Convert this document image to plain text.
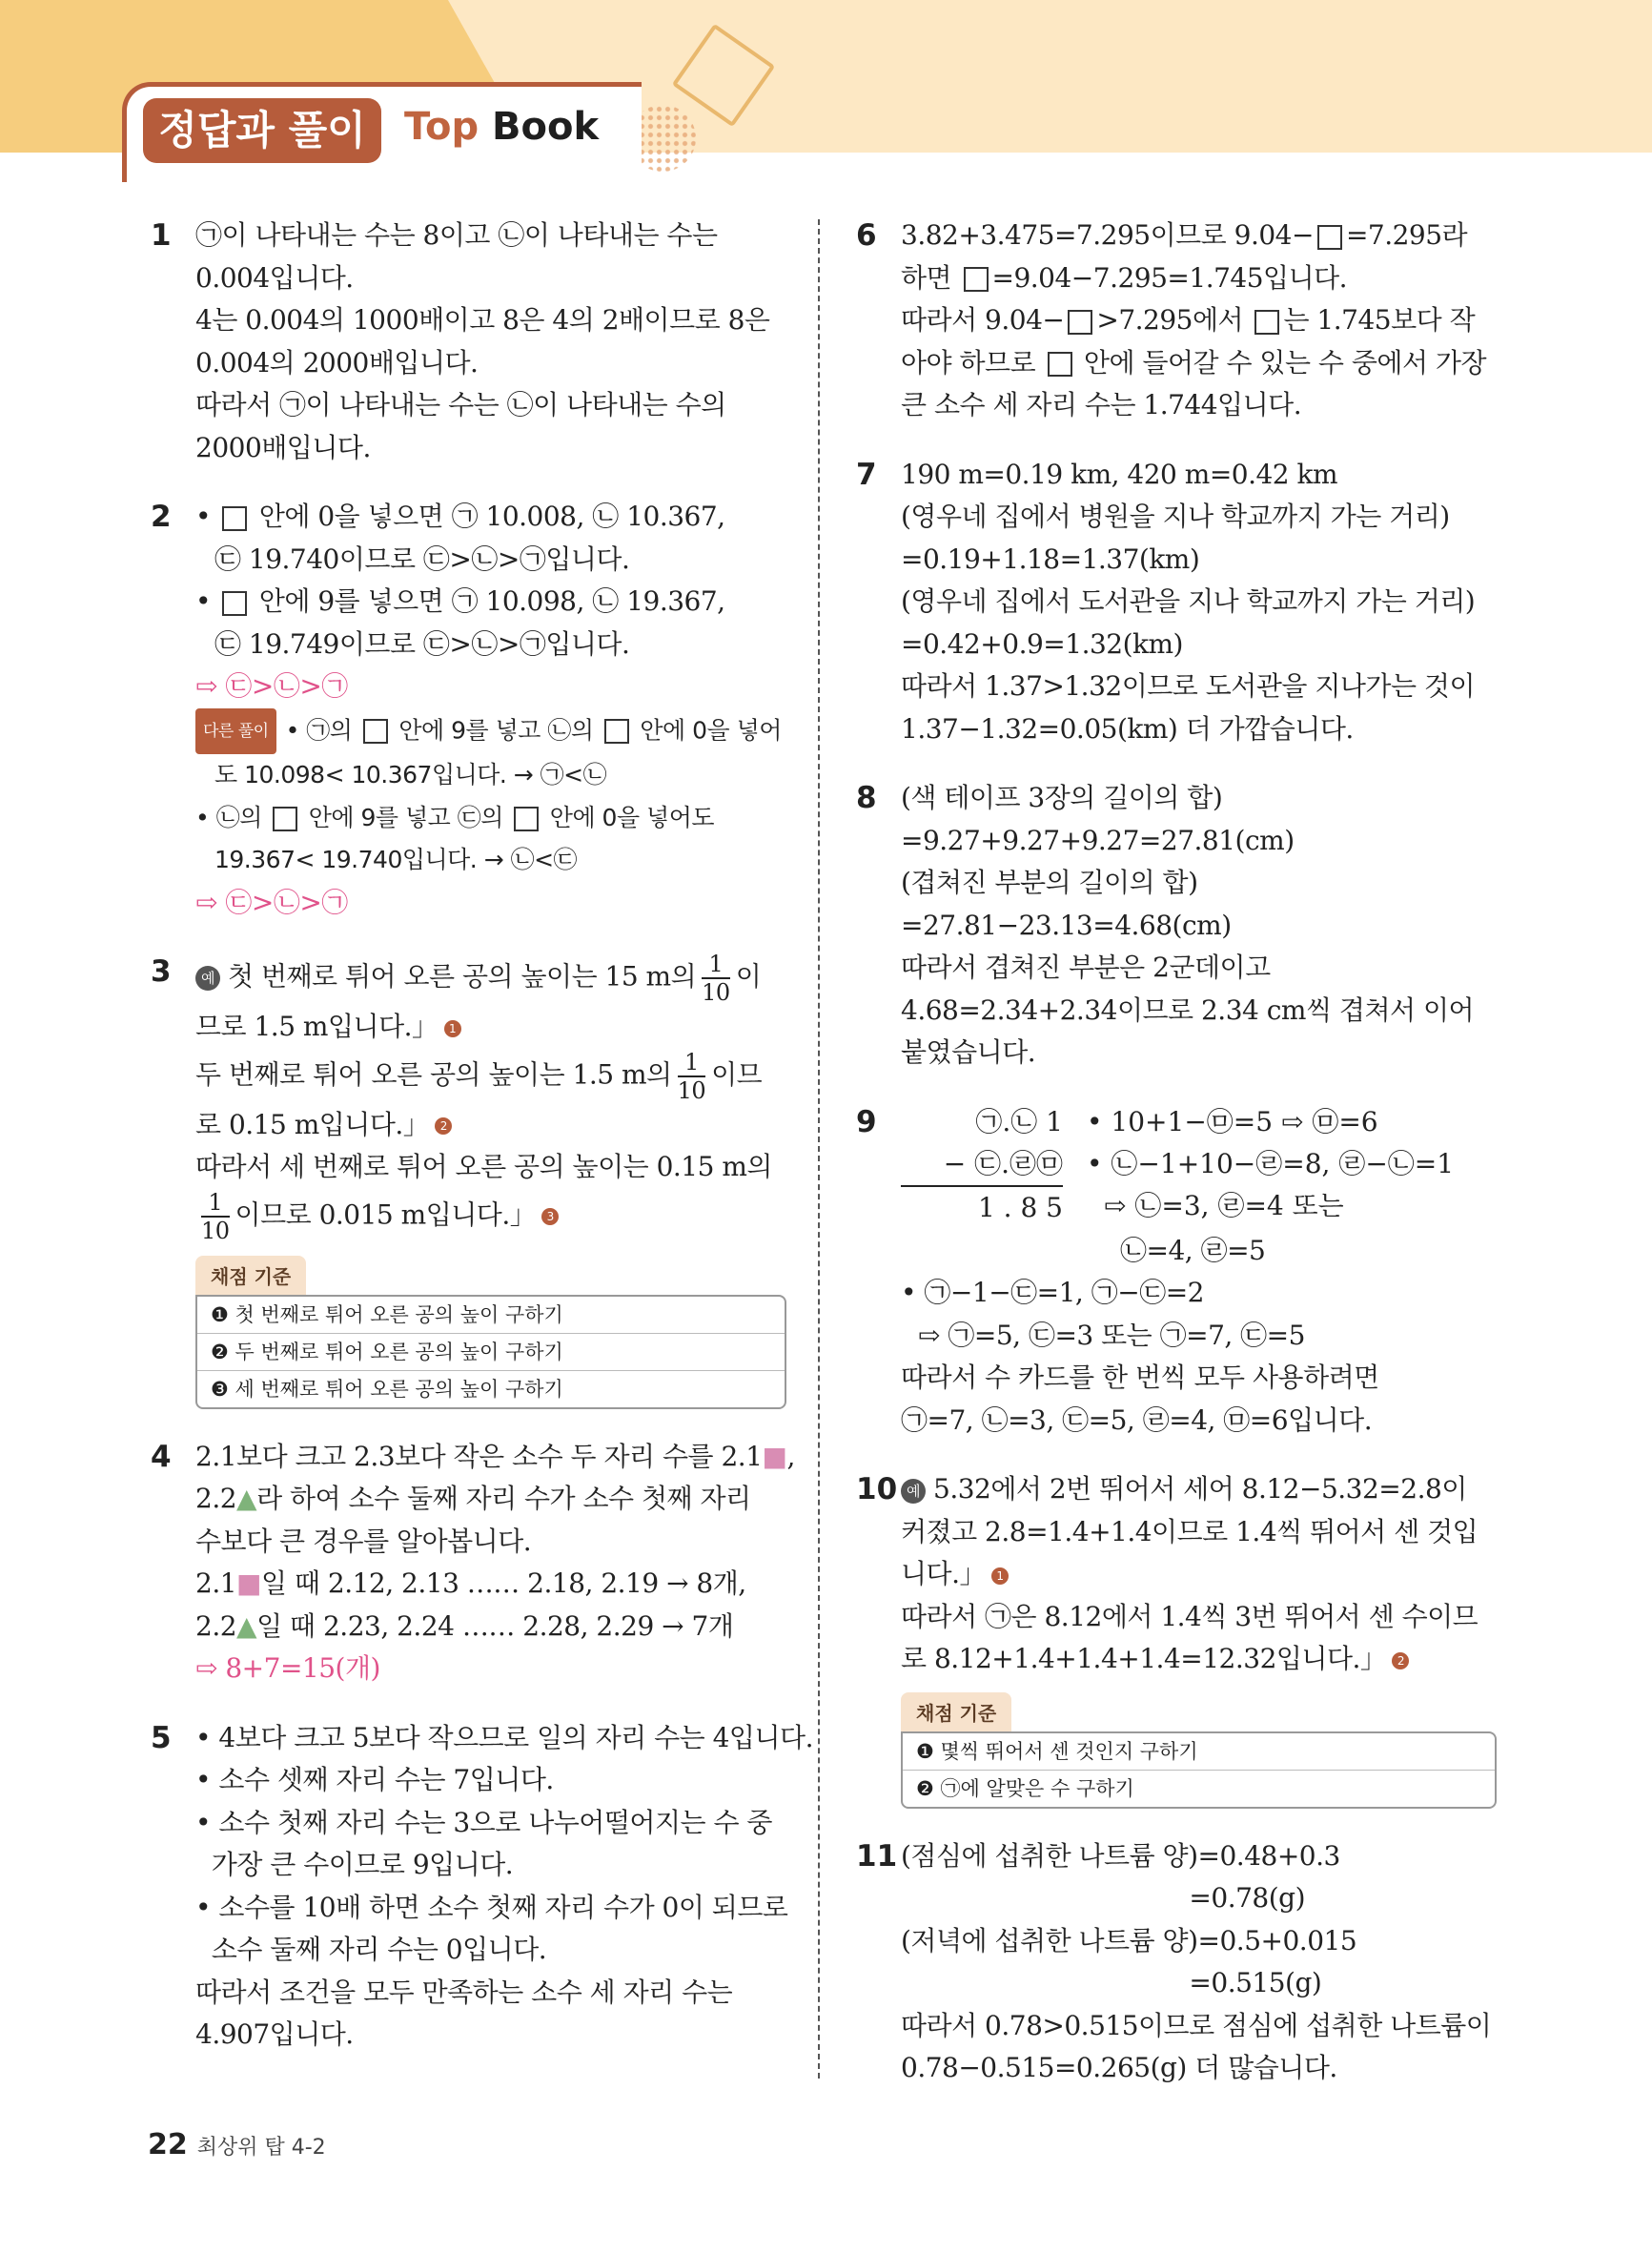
정답과 풀이	Top Book
1 ㉠이 나타내는 수는 8이고 ㉡이 나타내는 수는
0.004입니다.
4는 0.004의 1000배이고 8은 4의 2배이므로 8은
0.004의 2000배입니다.
따라서 ㉠이 나타내는 수는 ㉡이 나타내는 수의
2000배입니다.
2 •  안에 0을 넣으면 ㉠ 10.008, ㉡ 10.367,
㉢ 19.740이므로 ㉢>㉡>㉠입니다.
•  안에 9를 넣으면 ㉠ 10.098, ㉡ 19.367,
㉢ 19.749이므로 ㉢>㉡>㉠입니다.
⇨ ㉢>㉡>㉠
다른 풀이 • ㉠의  안에 9를 넣고 ㉡의  안에 0을 넣어
도 10.098< 10.367입니다. → ㉠<㉡
• ㉡의  안에 9를 넣고 ㉢의  안에 0을 넣어도
19.367< 19.740입니다. → ㉡<㉢
⇨ ㉢>㉡>㉠
3	예 첫 번째로 튀어 오른 공의 높이는 15 m의 $\frac{1}{10}$ 이
므로 1.5 m입니다.」 1
두 번째로 튀어 오른 공의 높이는 1.5 m의 $\frac{1}{10}$ 이므
로 0.15 m입니다.」 2
따라서 세 번째로 튀어 오른 공의 높이는 0.15 m의
$\frac{1}{10}$ 이므로 0.015 m입니다.」 3
채점 기준
❶ 첫 번째로 튀어 오른 공의 높이 구하기
❷ 두 번째로 튀어 오른 공의 높이 구하기
❸ 세 번째로 튀어 오른 공의 높이 구하기
4 2.1보다 크고 2.3보다 작은 소수 두 자리 수를 2.1■,
2.2▲라 하여 소수 둘째 자리 수가 소수 첫째 자리
수보다 큰 경우를 알아봅니다.
2.1■일 때 2.12, 2.13 …… 2.18, 2.19 → 8개,
2.2▲일 때 2.23, 2.24 …… 2.28, 2.29 → 7개
⇨ 8+7=15(개)
5 • 4보다 크고 5보다 작으므로 일의 자리 수는 4입니다.
• 소수 셋째 자리 수는 7입니다.
• 소수 첫째 자리 수는 3으로 나누어떨어지는 수 중
가장 큰 수이므로 9입니다.
• 소수를 10배 하면 소수 첫째 자리 수가 0이 되므로
소수 둘째 자리 수는 0입니다.
따라서 조건을 모두 만족하는 소수 세 자리 수는
4.907입니다.
6 3.82+3.475=7.295이므로 9.04− =7.295라
하면 =9.04−7.295=1.745입니다.
따라서 9.04− >7.295에서 는 1.745보다 작
아야 하므로  안에 들어갈 수 있는 수 중에서 가장
큰 소수 세 자리 수는 1.744입니다.
7 190 m=0.19 km, 420 m=0.42 km
(영우네 집에서 병원을 지나 학교까지 가는 거리)
=0.19+1.18=1.37(km)
(영우네 집에서 도서관을 지나 학교까지 가는 거리)
=0.42+0.9=1.32(km)
따라서 1.37>1.32이므로 도서관을 지나가는 것이
1.37−1.32=0.05(km) 더 가깝습니다.
8 (색 테이프 3장의 길이의 합)
=9.27+9.27+9.27=27.81(cm)
(겹쳐진 부분의 길이의 합)
=27.81−23.13=4.68(cm)
따라서 겹쳐진 부분은 2군데이고
4.68=2.34+2.34이므로 2.34 cm씩 겹쳐서 이어
붙였습니다.
9	㉠.㉡ 1
− ㉢.㉣㉤
1 . 8 5
• 10+1−㉤=5 ⇨ ㉤=6
• ㉡−1+10−㉣=8, ㉣−㉡=1
⇨ ㉡=3, ㉣=4 또는
㉡=4, ㉣=5
• ㉠−1−㉢=1, ㉠−㉢=2
⇨ ㉠=5, ㉢=3 또는 ㉠=7, ㉢=5
따라서 수 카드를 한 번씩 모두 사용하려면
㉠=7, ㉡=3, ㉢=5, ㉣=4, ㉤=6입니다.
10 예 5.32에서 2번 뛰어서 세어 8.12−5.32=2.8이
커졌고 2.8=1.4+1.4이므로 1.4씩 뛰어서 센 것입
니다.」 1
따라서 ㉠은 8.12에서 1.4씩 3번 뛰어서 센 수이므
로 8.12+1.4+1.4+1.4=12.32입니다.」 2
채점 기준
❶ 몇씩 뛰어서 센 것인지 구하기
❷ ㉠에 알맞은 수 구하기
11 (점심에 섭취한 나트륨 양)=0.48+0.3
=0.78(g)
(저녁에 섭취한 나트륨 양)=0.5+0.015
=0.515(g)
따라서 0.78>0.515이므로 점심에 섭취한 나트륨이
0.78−0.515=0.265(g) 더 많습니다.
22 최상위 탑 4-2
